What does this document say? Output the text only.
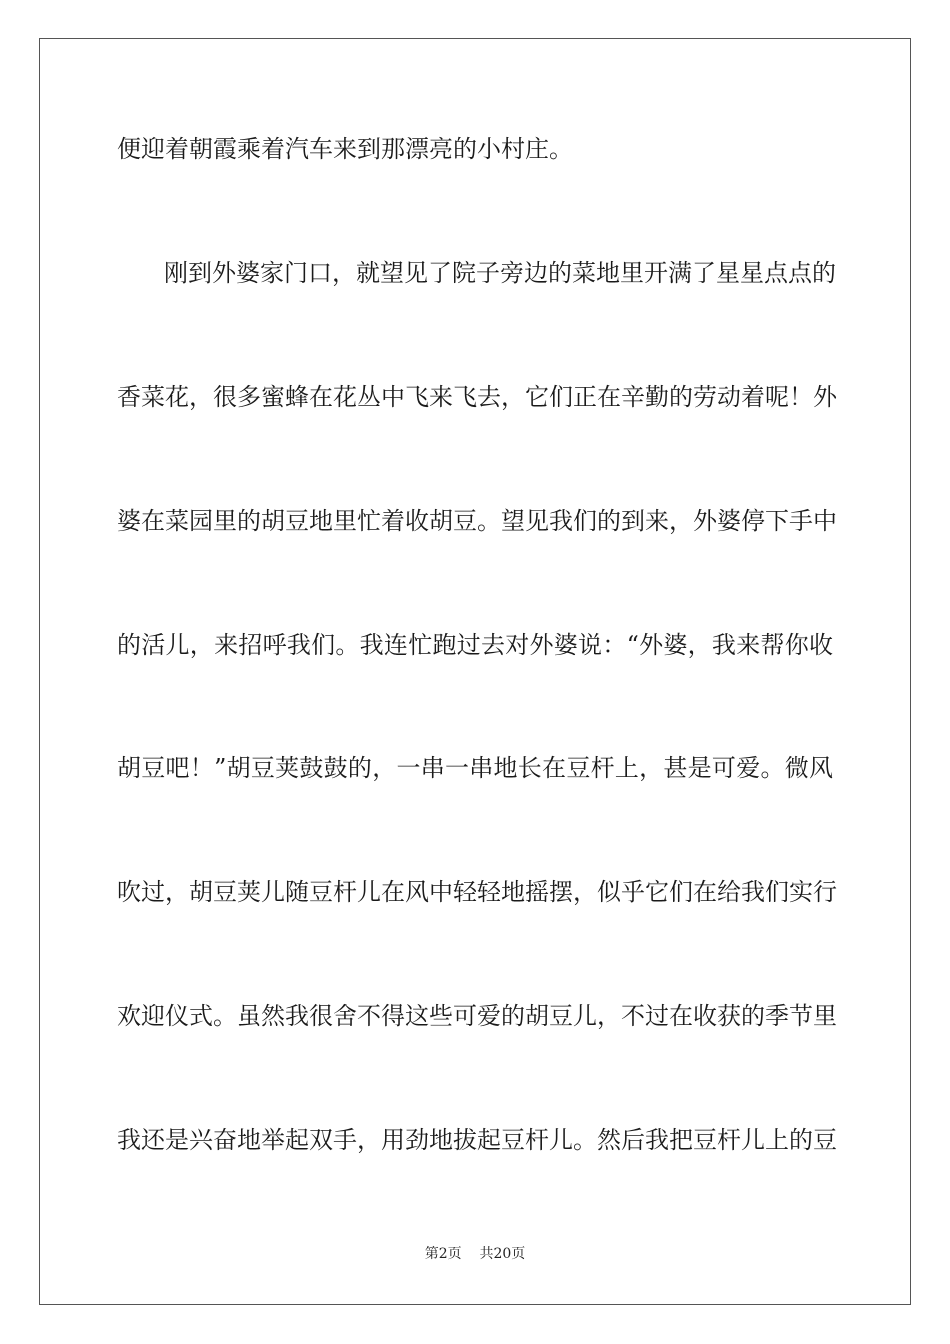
便迎着朝霞乘着汽车来到那漂亮的小村庄。
刚到外婆家门口，就望见了院子旁边的菜地里开满了星星点点的
香菜花，很多蜜蜂在花丛中飞来飞去，它们正在辛勤的劳动着呢！外
婆在菜园里的胡豆地里忙着收胡豆。望见我们的到来，外婆停下手中
的活儿，来招呼我们。我连忙跑过去对外婆说：“外婆，我来帮你收
胡豆吧！”胡豆荚鼓鼓的，一串一串地长在豆杆上，甚是可爱。微风
吹过，胡豆荚儿随豆杆儿在风中轻轻地摇摆，似乎它们在给我们实行
欢迎仪式。虽然我很舍不得这些可爱的胡豆儿，不过在收获的季节里
我还是兴奋地举起双手，用劲地拔起豆杆儿。然后我把豆杆儿上的豆
第2页 共20页
